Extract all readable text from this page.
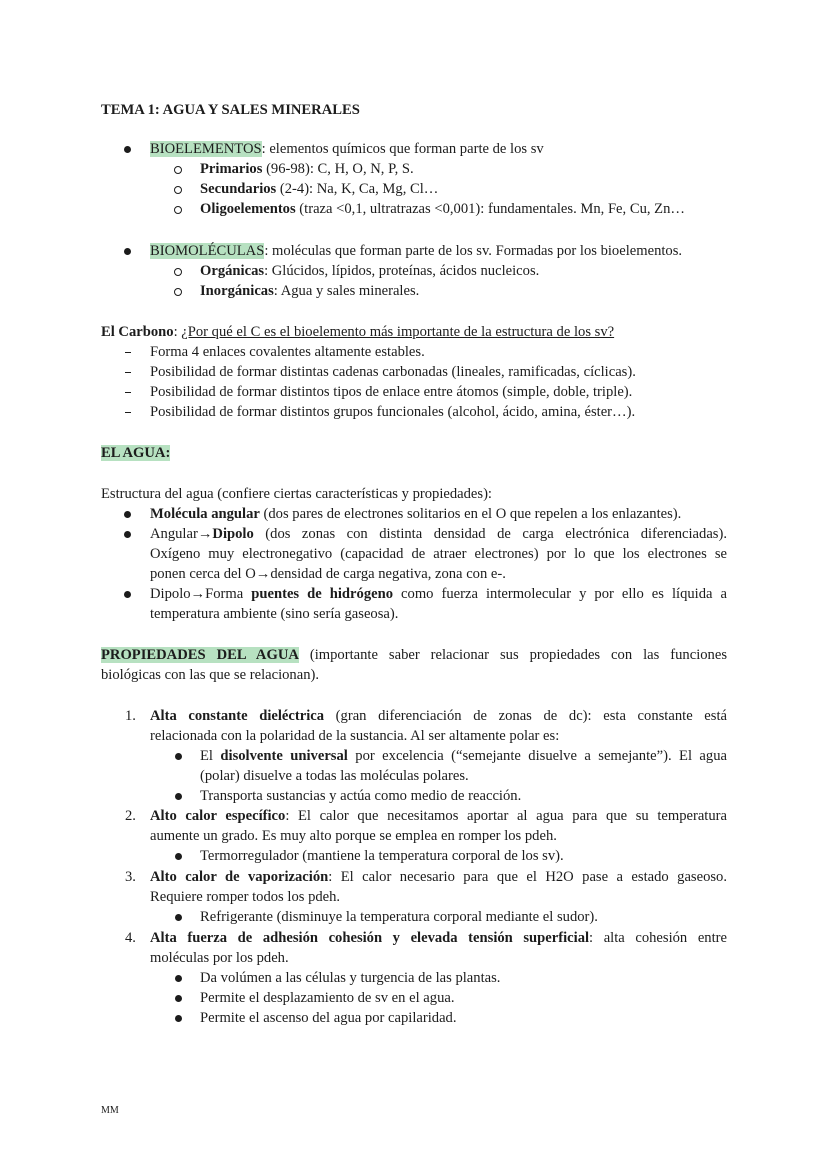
TEMA 1: AGUA Y SALES MINERALES
BIOELEMENTOS: elementos químicos que forman parte de los sv
Primarios (96-98): C, H, O, N, P, S.
Secundarios (2-4): Na, K, Ca, Mg, Cl…
Oligoelementos (traza <0,1, ultratrazas <0,001): fundamentales. Mn, Fe, Cu, Zn…
BIOMOLÉCULAS: moléculas que forman parte de los sv. Formadas por los bioelementos.
Orgánicas: Glúcidos, lípidos, proteínas, ácidos nucleicos.
Inorgánicas: Agua y sales minerales.
El Carbono: ¿Por qué el C es el bioelemento más importante de la estructura de los sv?
Forma 4 enlaces covalentes altamente estables.
Posibilidad de formar distintas cadenas carbonadas (lineales, ramificadas, cíclicas).
Posibilidad de formar distintos tipos de enlace entre átomos (simple, doble, triple).
Posibilidad de formar distintos grupos funcionales (alcohol, ácido, amina, éster…).
EL AGUA:
Estructura del agua (confiere ciertas características y propiedades):
Molécula angular (dos pares de electrones solitarios en el O que repelen a los enlazantes).
Angular→Dipolo (dos zonas con distinta densidad de carga electrónica diferenciadas).
Oxígeno muy electronegativo (capacidad de atraer electrones) por lo que los electrones se
ponen cerca del O→densidad de carga negativa, zona con e-.
Dipolo→Forma puentes de hidrógeno como fuerza intermolecular y por ello es líquida a
temperatura ambiente (sino sería gaseosa).
PROPIEDADES DEL AGUA (importante saber relacionar sus propiedades con las funciones
biológicas con las que se relacionan).
1. Alta constante dieléctrica (gran diferenciación de zonas de dc): esta constante está
relacionada con la polaridad de la sustancia. Al ser altamente polar es:
El disolvente universal por excelencia (“semejante disuelve a semejante”). El agua
(polar) disuelve a todas las moléculas polares.
Transporta sustancias y actúa como medio de reacción.
2. Alto calor específico: El calor que necesitamos aportar al agua para que su temperatura
aumente un grado. Es muy alto porque se emplea en romper los pdeh.
Termorregulador (mantiene la temperatura corporal de los sv).
3. Alto calor de vaporización: El calor necesario para que el H2O pase a estado gaseoso.
Requiere romper todos los pdeh.
Refrigerante (disminuye la temperatura corporal mediante el sudor).
4. Alta fuerza de adhesión cohesión y elevada tensión superficial: alta cohesión entre
moléculas por los pdeh.
Da volúmen a las células y turgencia de las plantas.
Permite el desplazamiento de sv en el agua.
Permite el ascenso del agua por capilaridad.
MM
